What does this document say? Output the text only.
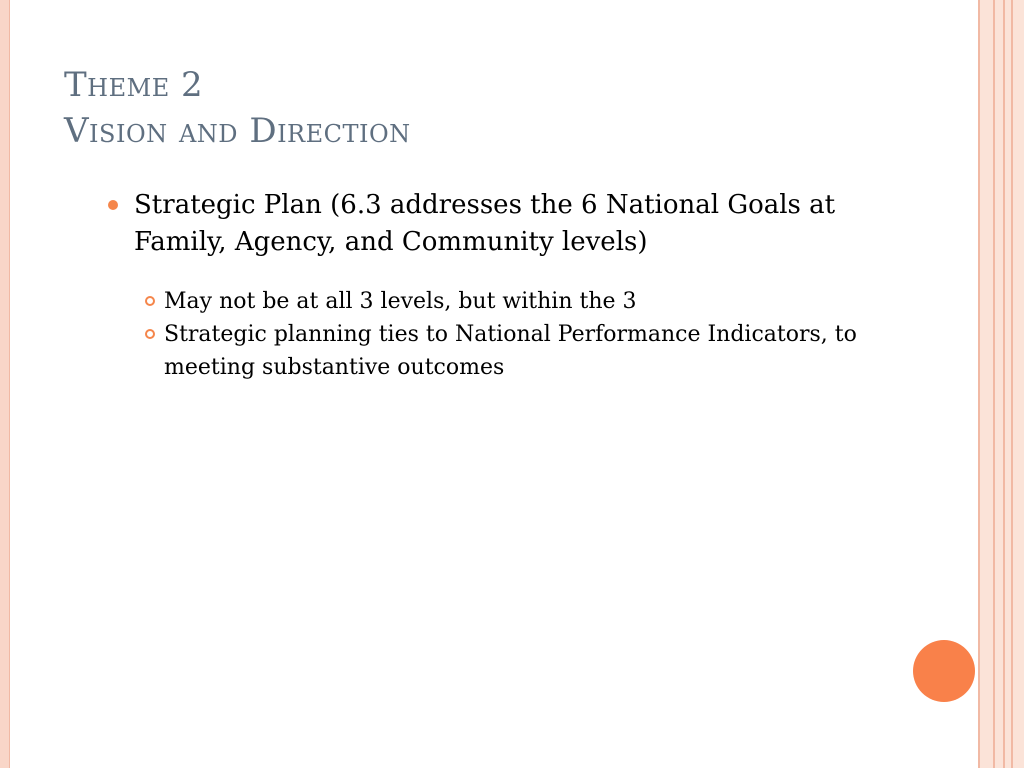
Theme 2
Vision and Direction
Strategic Plan (6.3 addresses the 6 National Goals at Family, Agency, and Community levels)
May not be at all 3 levels, but within the 3
Strategic planning ties to National Performance Indicators, to meeting substantive outcomes
